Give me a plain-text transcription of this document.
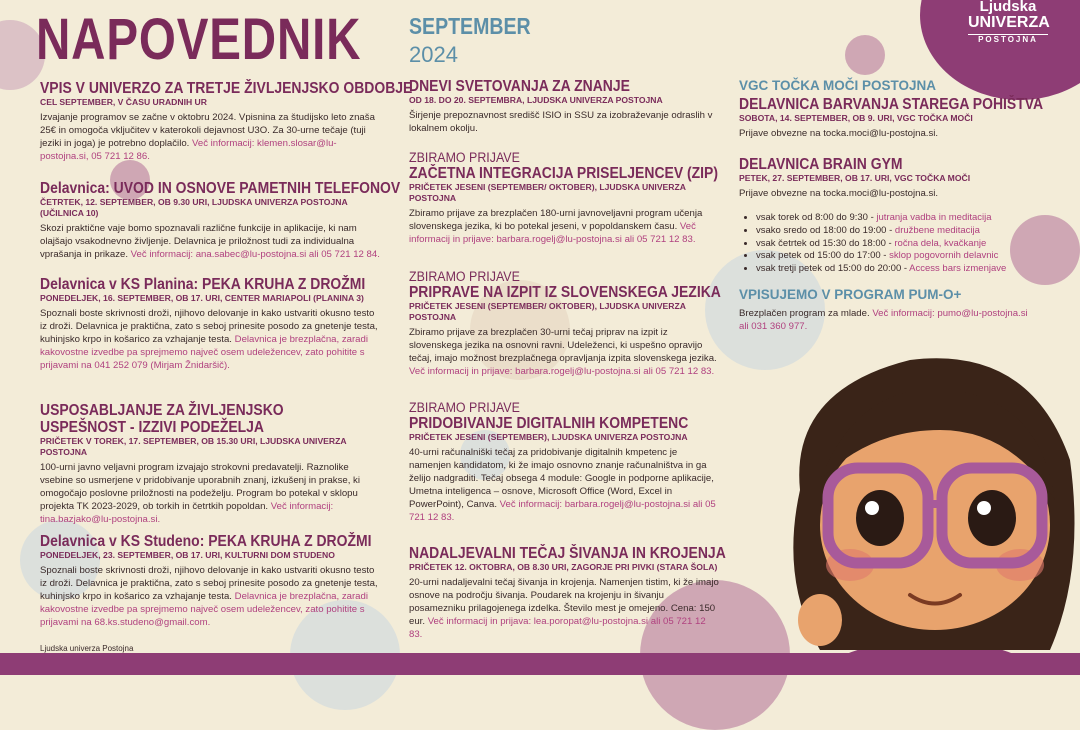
Ljudska
UNIVERZA
POSTOJNA
NAPOVEDNIK SEPTEMBER
2024
VPIS V UNIVERZO ZA TRETJE ŽIVLJENJSKO OBDOBJE
CEL SEPTEMBER, V ČASU URADNIH UR
Izvajanje programov se začne v oktobru 2024. Vpisnina za študijsko leto znaša 25€ in omogoča vključitev v katerokoli dejavnost U3O. Za 30-urne tečaje (tuji jeziki in joga) je potrebno doplačilo. Več informacij: klemen.slosar@lu-postojna.si, 05 721 12 86.
Delavnica: UVOD IN OSNOVE PAMETNIH TELEFONOV
ČETRTEK, 12. SEPTEMBER, OB 9.30 URI, LJUDSKA UNIVERZA POSTOJNA (UČILNICA 10)
Skozi praktične vaje bomo spoznavali različne funkcije in aplikacije, ki nam olajšajo vsakodnevno življenje. Delavnica je priložnost tudi za individualna vprašanja in prikaze. Več informacij: ana.sabec@lu-postojna.si ali 05 721 12 84.
Delavnica v KS Planina: PEKA KRUHA Z DROŽMI
PONEDELJEK, 16. SEPTEMBER, OB 17. URI, CENTER MARIAPOLI (PLANINA 3)
Spoznali boste skrivnosti droži, njihovo delovanje in kako ustvariti okusno testo iz droži. Delavnica je praktična, zato s seboj prinesite posodo za gnetenje testa, kuhinjsko krpo in košarico za vzhajanje testa. Delavnica je brezplačna, zaradi kakovostne izvedbe pa sprejmemo največ osem udeležencev, zato pohitite s prijavami na 041 252 079 (Mirjam Žnidaršič).
USPOSABLJANJE ZA ŽIVLJENJSKO USPEŠNOST - IZZIVI PODEŽELJA
PRIČETEK V TOREK, 17. SEPTEMBER, OB 15.30 URI, LJUDSKA UNIVERZA POSTOJNA
100-urni javno veljavni program izvajajo strokovni predavatelji. Raznolike vsebine so usmerjene v pridobivanje uporabnih znanj, izkušenj in prakse, ki omogočajo poslovne priložnosti na podeželju. Program bo potekal v sklopu projekta TK 2023-2029, ob torkih in četrtkih popoldan. Več informacij: tina.bazjako@lu-postojna.si.
Delavnica v KS Studeno: PEKA KRUHA Z DROŽMI
PONEDELJEK, 23. SEPTEMBER, OB 17. URI, KULTURNI DOM STUDENO
Spoznali boste skrivnosti droži, njihovo delovanje in kako ustvariti okusno testo iz droži. Delavnica je praktična, zato s seboj prinesite posodo za gnetenje testa, kuhinjsko krpo in košarico za vzhajanje testa. Delavnica je brezplačna, zaradi kakovostne izvedbe pa sprejmemo največ osem udeležencev, zato pohitite s prijavami na 68.ks.studeno@gmail.com.
DNEVI SVETOVANJA ZA ZNANJE
OD 18. DO 20. SEPTEMBRA, LJUDSKA UNIVERZA POSTOJNA
Širjenje prepoznavnost središč ISIO in SSU za izobraževanje odraslih v lokalnem okolju.
ZBIRAMO PRIJAVE
ZAČETNA INTEGRACIJA PRISELJENCEV (ZIP)
PRIČETEK JESENI (SEPTEMBER/ OKTOBER), LJUDSKA UNIVERZA POSTOJNA
Zbiramo prijave za brezplačen 180-urni javnoveljavni program učenja slovenskega jezika, ki bo potekal jeseni, v popoldanskem času. Več informacij in prijave: barbara.rogelj@lu-postojna.si ali 05 721 12 83.
ZBIRAMO PRIJAVE
PRIPRAVE NA IZPIT IZ SLOVENSKEGA JEZIKA
PRIČETEK JESENI (SEPTEMBER/ OKTOBER), LJUDSKA UNIVERZA POSTOJNA
Zbiramo prijave za brezplačen 30-urni tečaj priprav na izpit iz slovenskega jezika na osnovni ravni. Udeleženci, ki uspešno opravijo tečaj, imajo možnost brezplačnega opravljanja izpita slovenskega jezika. Več informacij in prijave: barbara.rogelj@lu-postojna.si ali 05 721 12 83.
ZBIRAMO PRIJAVE
PRIDOBIVANJE DIGITALNIH KOMPETENC
PRIČETEK JESENI (SEPTEMBER), LJUDSKA UNIVERZA POSTOJNA
40-urni računalniški tečaj za pridobivanje digitalnih kmpetenc je namenjen kandidatom, ki že imajo osnovno znanje računalništva in ga želijo nadgraditi. Tečaj obsega 4 module: Google in podporne aplikacije, Umetna inteligenca – osnove, Microsoft Office (Word, Excel in PowerPoint), Canva. Več informacij: barbara.rogelj@lu-postojna.si ali 05 721 12 83.
NADALJEVALNI TEČAJ ŠIVANJA IN KROJENJA
PRIČETEK 12. OKTOBRA, OB 8.30 URI, ZAGORJE PRI PIVKI (STARA ŠOLA)
20-urni nadaljevalni tečaj šivanja in krojenja. Namenjen tistim, ki že imajo osnove na področju šivanja. Poudarek na krojenju in šivanju posamezniku prilagojenega izdelka. Število mest je omejeno. Cena: 150 eur. Več informacij in prijava: lea.poropat@lu-postojna.si ali 05 721 12 83.
VGC TOČKA MOČI POSTOJNA
DELAVNICA BARVANJA STAREGA POHIŠTVA
SOBOTA, 14. SEPTEMBER, OB 9. URI, VGC TOČKA MOČI
Prijave obvezne na tocka.moci@lu-postojna.si.
DELAVNICA BRAIN GYM
PETEK, 27. SEPTEMBER, OB 17. URI, VGC TOČKA MOČI
Prijave obvezne na tocka.moci@lu-postojna.si.
• vsak torek od 8:00 do 9:30 - jutranja vadba in meditacija
• vsako sredo od 18:00 do 19:00 - družbene meditacija
• vsak četrtek od 15:30 do 18:00 - ročna dela, kvačkanje
• vsak petek od 15:00 do 17:00 - sklop pogovornih delavnic
• vsak tretji petek od 15:00 do 20:00 - Access bars izmenjave
VPISUJEMO V PROGRAM PUM-O+
Brezplačen program za mlade. Več informacij: pumo@lu-postojna.si ali 031 360 977.
Ljudska univerza Postojna
